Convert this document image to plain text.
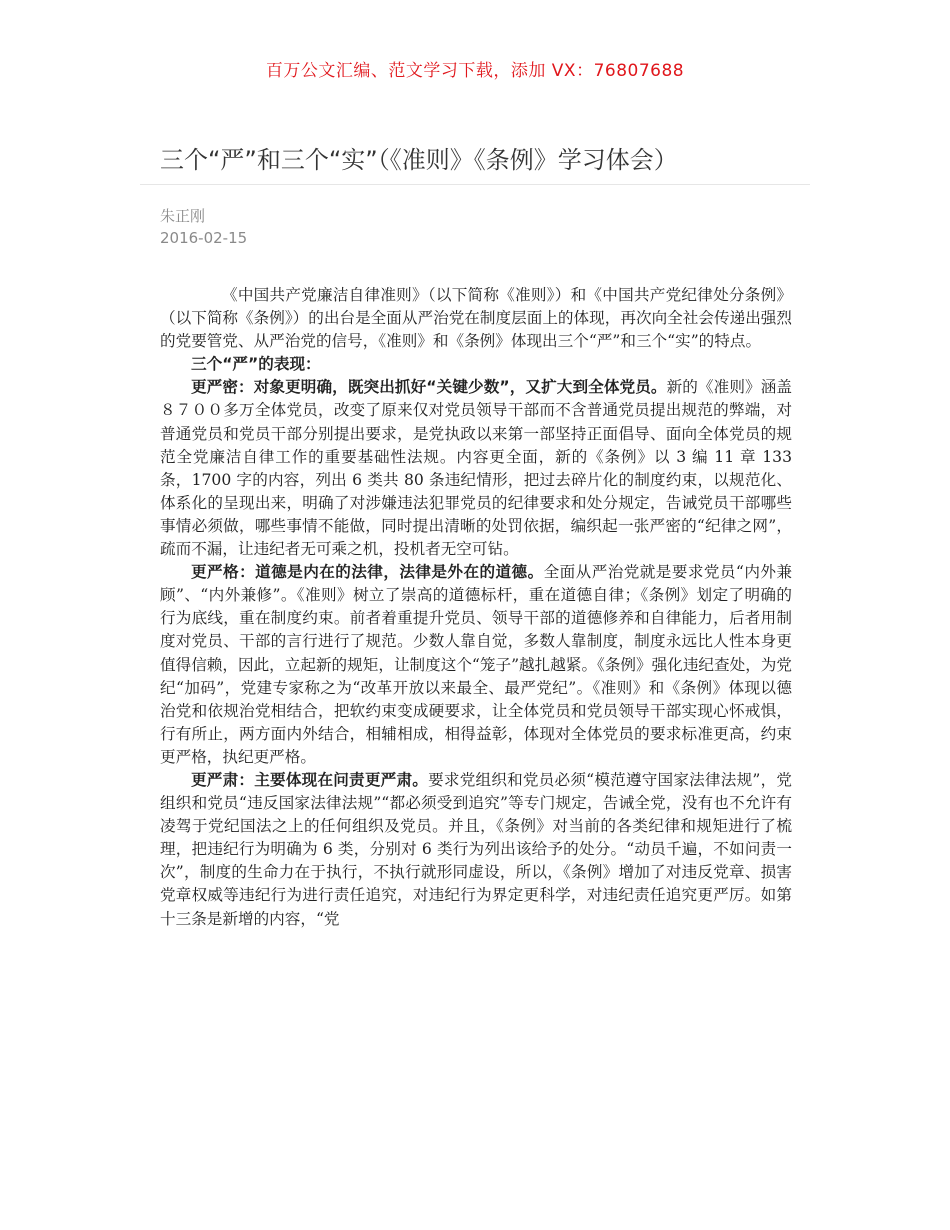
百万公文汇编、范文学习下载，添加 VX：76807688
三个“严”和三个“实”（《准则》《条例》学习体会）
朱正刚
2016-02-15

《中国共产党廉洁自律准则》（以下简称《准则》）和《中国共产党纪律处分条例》（以下简称《条例》）的出台是全面从严治党在制度层面上的体现，再次向全社会传递出强烈的党要管党、从严治党的信号，《准则》和《条例》体现出三个“严”和三个“实”的特点。

三个“严”的表现：

更严密：对象更明确，既突出抓好“关键少数”，又扩大到全体党员。新的《准则》涵盖８７００多万全体党员，改变了原来仅对党员领导干部而不含普通党员提出规范的弊端，对普通党员和党员干部分别提出要求，是党执政以来第一部坚持正面倡导、面向全体党员的规范全党廉洁自律工作的重要基础性法规。内容更全面，新的《条例》以 3 编 11 章 133 条，1700 字的内容，列出 6 类共 80 条违纪情形，把过去碎片化的制度约束，以规范化、体系化的呈现出来，明确了对涉嫌违法犯罪党员的纪律要求和处分规定，告诫党员干部哪些事情必须做，哪些事情不能做，同时提出清晰的处罚依据，编织起一张严密的“纪律之网”，疏而不漏，让违纪者无可乘之机，投机者无空可钻。

更严格：道德是内在的法律，法律是外在的道德。全面从严治党就是要求党员“内外兼顾”、“内外兼修”。《准则》树立了崇高的道德标杆，重在道德自律；《条例》划定了明确的行为底线，重在制度约束。前者着重提升党员、领导干部的道德修养和自律能力，后者用制度对党员、干部的言行进行了规范。少数人靠自觉，多数人靠制度，制度永远比人性本身更值得信赖，因此，立起新的规矩，让制度这个“笼子”越扎越紧。《条例》强化违纪查处，为党纪“加码”，党建专家称之为“改革开放以来最全、最严党纪”。《准则》和《条例》体现以德治党和依规治党相结合，把软约束变成硬要求，让全体党员和党员领导干部实现心怀戒惧，行有所止，两方面内外结合，相辅相成，相得益彰，体现对全体党员的要求标准更高，约束更严格，执纪更严格。

更严肃：主要体现在问责更严肃。要求党组织和党员必须“模范遵守国家法律法规”，党组织和党员“违反国家法律法规”“都必须受到追究”等专门规定，告诫全党，没有也不允许有凌驾于党纪国法之上的任何组织及党员。并且，《条例》对当前的各类纪律和规矩进行了梳理，把违纪行为明确为 6 类，分别对 6 类行为列出该给予的处分。“动员千遍，不如问责一次”，制度的生命力在于执行，不执行就形同虚设，所以，《条例》增加了对违反党章、损害党章权威等违纪行为进行责任追究，对违纪行为界定更科学，对违纪责任追究更严厉。如第十三条是新增的内容，“党
